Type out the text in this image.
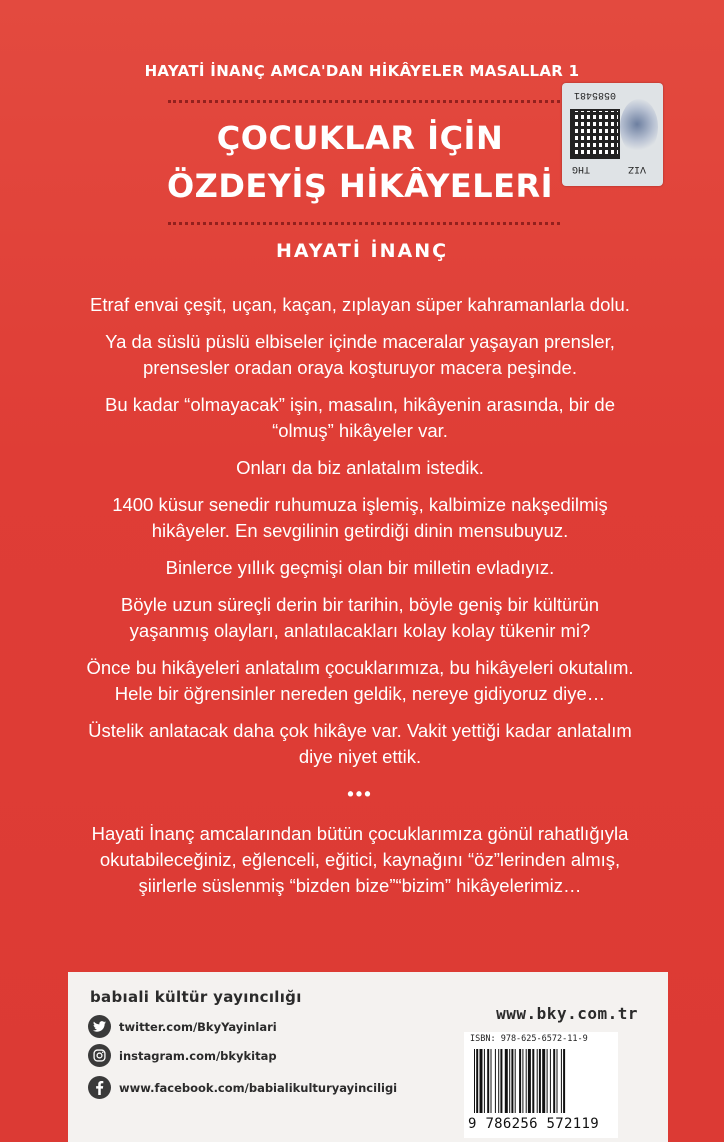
HAYATİ İNANÇ AMCA'DAN HİKÂYELER MASALLAR 1
ÇOCUKLAR İÇİN
ÖZDEYİŞ HİKÂYELERİ
HAYATİ İNANÇ
0585481
THG	VIZ

Etraf envai çeşit, uçan, kaçan, zıplayan süper kahramanlarla dolu.

Ya da süslü püslü elbiseler içinde maceralar yaşayan prensler, prensesler oradan oraya koşturuyor macera peşinde.

Bu kadar “olmayacak” işin, masalın, hikâyenin arasında, bir de “olmuş” hikâyeler var.

Onları da biz anlatalım istedik.

1400 küsur senedir ruhumuza işlemiş, kalbimize nakşedilmiş hikâyeler. En sevgilinin getirdiği dinin mensubuyuz.

Binlerce yıllık geçmişi olan bir milletin evladıyız.

Böyle uzun süreçli derin bir tarihin, böyle geniş bir kültürün yaşanmış olayları, anlatılacakları kolay kolay tükenir mi?

Önce bu hikâyeleri anlatalım çocuklarımıza, bu hikâyeleri okutalım. Hele bir öğrensinler nereden geldik, nereye gidiyoruz diye…

Üstelik anlatacak daha çok hikâye var. Vakit yettiği kadar anlatalım diye niyet ettik.

•••

Hayati İnanç amcalarından bütün çocuklarımıza gönül rahatlığıyla okutabileceğiniz, eğlenceli, eğitici, kaynağını “öz”lerinden almış, şiirlerle süslenmiş “bizden bize”“bizim” hikâyelerimiz…

babıali kültür yayıncılığı
twitter.com/BkyYayinlari
instagram.com/bkykitap
www.facebook.com/babialikulturyayinciligi
www.bky.com.tr
ISBN: 978-625-6572-11-9
9 786256 572119
